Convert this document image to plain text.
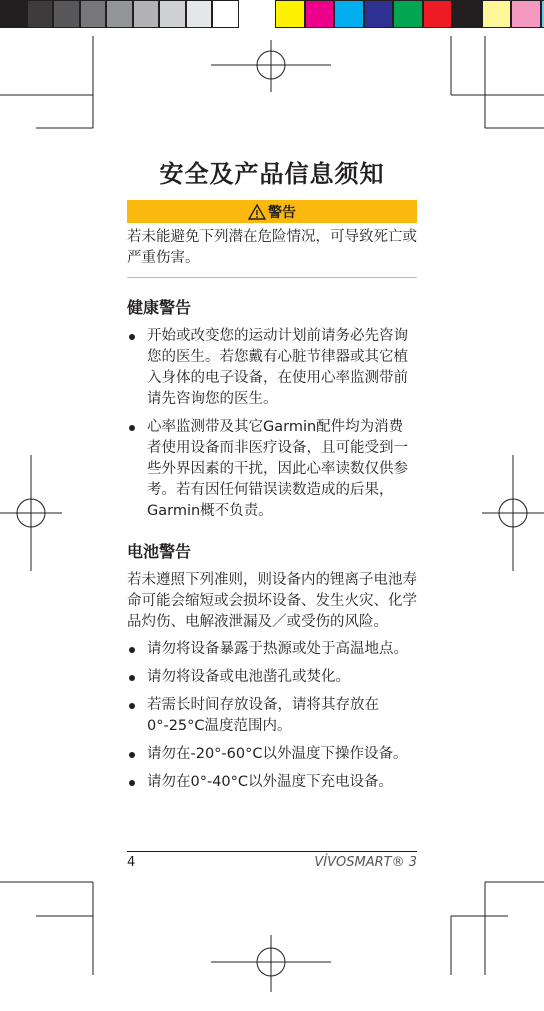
安全及产品信息须知
警告

若未能避免下列潜在危险情况，可导致死亡或严重伤害。

健康警告
开始或改变您的运动计划前请务必先咨询您的医生。若您戴有心脏节律器或其它植入身体的电子设备，在使用心率监测带前请先咨询您的医生。
心率监测带及其它Garmin配件均为消费者使用设备而非医疗设备，且可能受到一些外界因素的干扰，因此心率读数仅供参考。若有因任何错误读数造成的后果，Garmin概不负责。
电池警告

若未遵照下列准则，则设备内的锂离子电池寿命可能会缩短或会损坏设备、发生火灾、化学品灼伤、电解液泄漏及／或受伤的风险。

请勿将设备暴露于热源或处于高温地点。
请勿将设备或电池凿孔或焚化。
若需长时间存放设备，请将其存放在0°-25°C温度范围内。
请勿在-20°-60°C以外温度下操作设备。
请勿在0°-40°C以外温度下充电设备。
4	VÍVOSMART® 3
